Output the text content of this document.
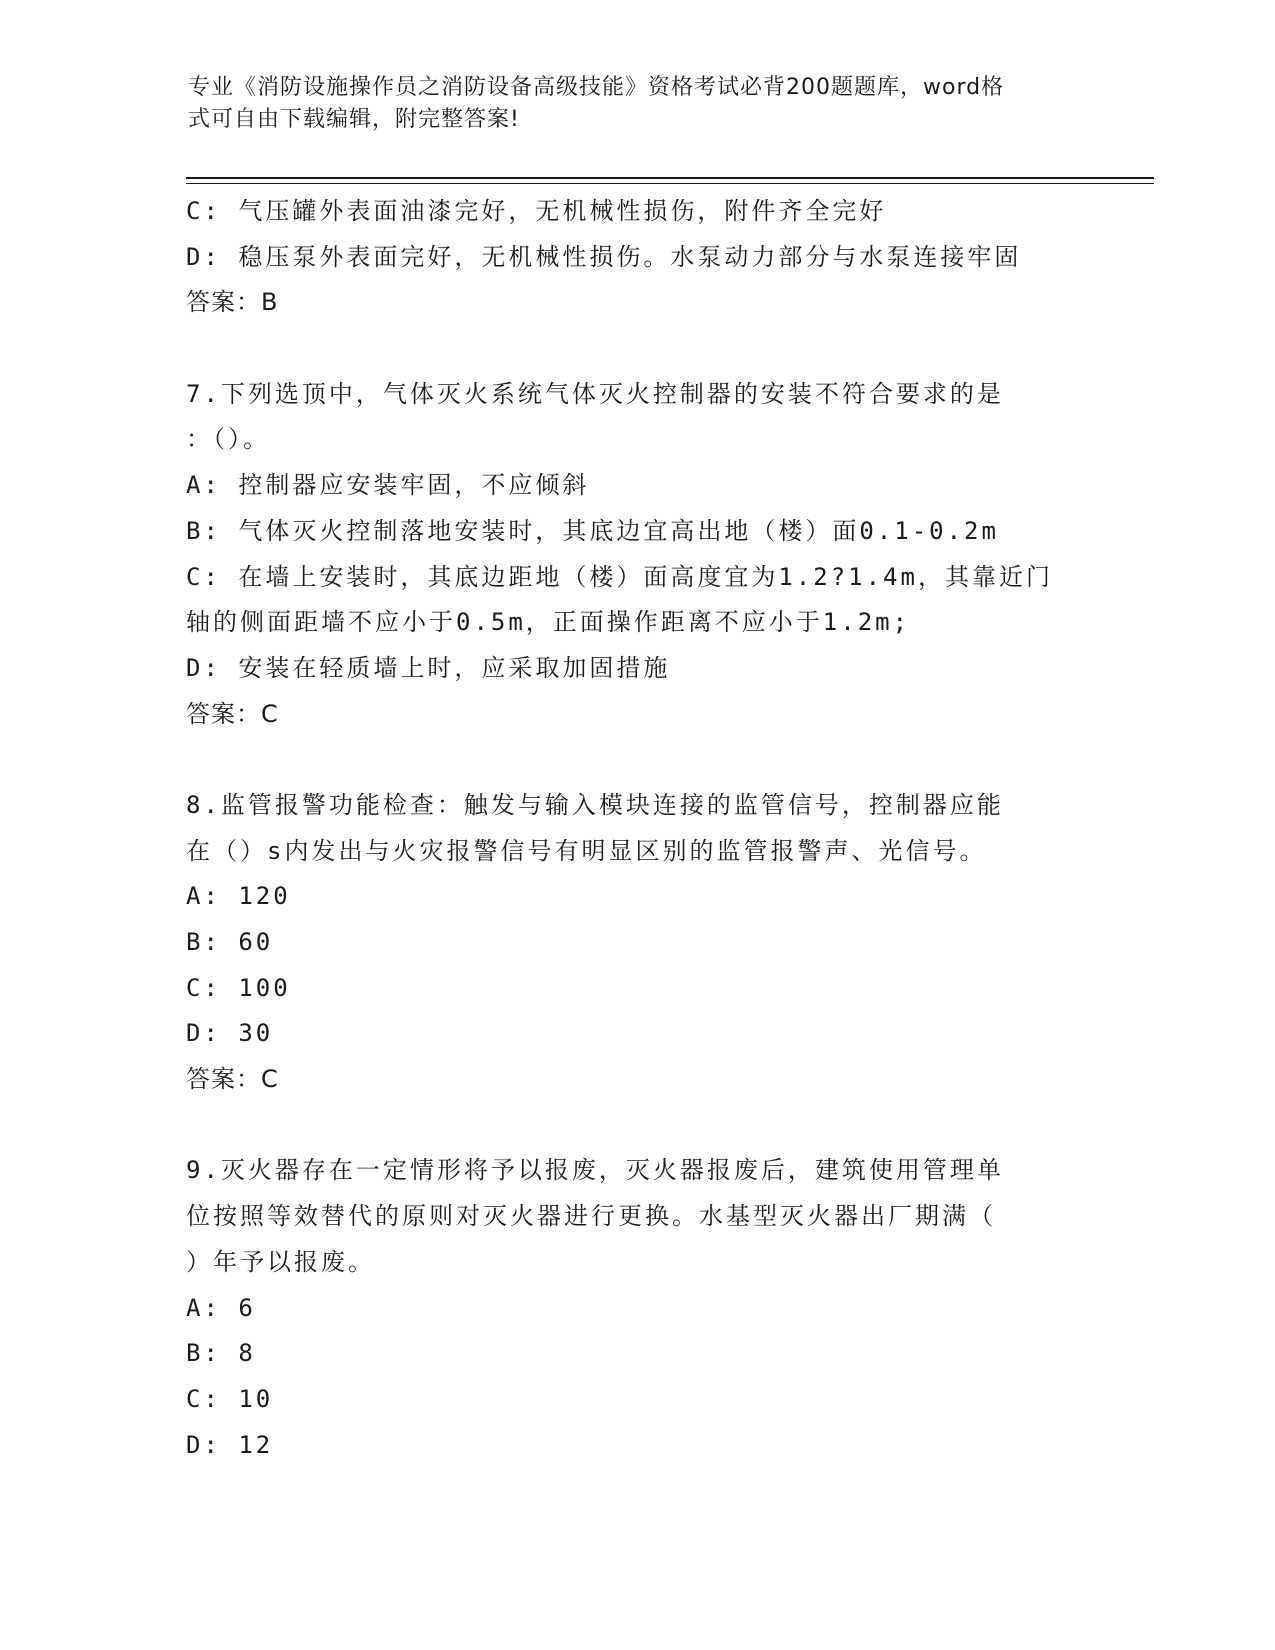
专业《消防设施操作员之消防设备高级技能》资格考试必背200题题库，word格
式可自由下载编辑，附完整答案!
C: 气压罐外表面油漆完好，无机械性损伤，附件齐全完好
D: 稳压泵外表面完好，无机械性损伤。水泵动力部分与水泵连接牢固
答案：B
7.下列选顶中，气体灭火系统气体灭火控制器的安装不符合要求的是
：（）。
A: 控制器应安装牢固，不应倾斜
B: 气体灭火控制落地安装时，其底边宜高出地（楼）面0.1-0.2m
C: 在墙上安装时，其底边距地（楼）面高度宜为1.2?1.4m，其靠近门
轴的侧面距墙不应小于0.5m，正面操作距离不应小于1.2m;
D: 安装在轻质墙上时，应采取加固措施
答案：C
8.监管报警功能检查：触发与输入模块连接的监管信号，控制器应能
在（）s内发出与火灾报警信号有明显区别的监管报警声、光信号。
A: 120
B: 60
C: 100
D: 30
答案：C
9.灭火器存在一定情形将予以报废，灭火器报废后，建筑使用管理单
位按照等效替代的原则对灭火器进行更换。水基型灭火器出厂期满（
）年予以报废。
A: 6
B: 8
C: 10
D: 12
